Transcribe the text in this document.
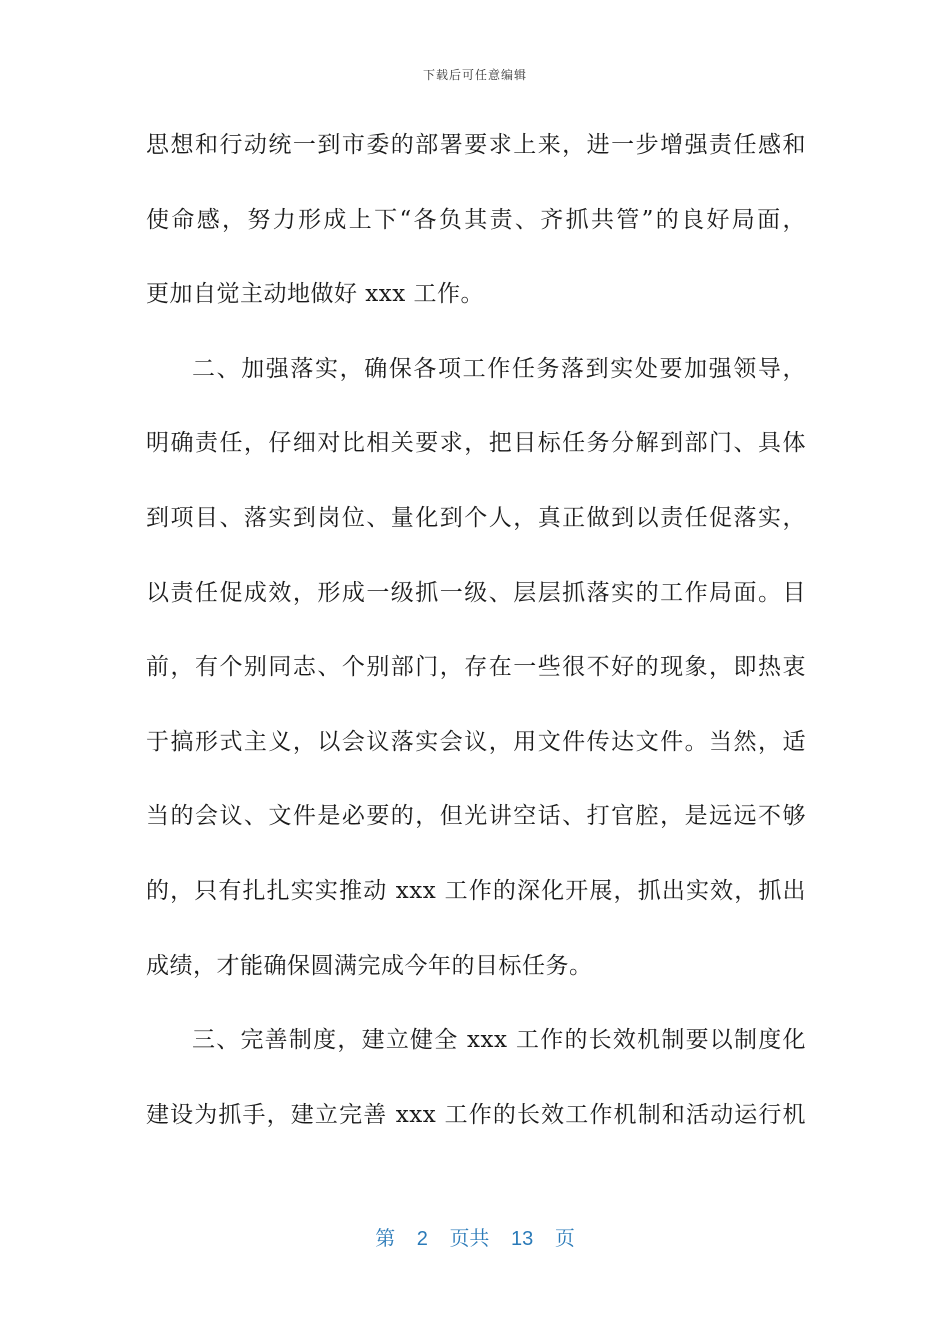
下载后可任意编辑
思想和行动统一到市委的部署要求上来，进一步增强责任感和
使命感，努力形成上下“各负其责、齐抓共管”的良好局面，
更加自觉主动地做好 xxx 工作。
二、加强落实，确保各项工作任务落到实处要加强领导，
明确责任，仔细对比相关要求，把目标任务分解到部门、具体
到项目、落实到岗位、量化到个人，真正做到以责任促落实，
以责任促成效，形成一级抓一级、层层抓落实的工作局面。目
前，有个别同志、个别部门，存在一些很不好的现象，即热衷
于搞形式主义，以会议落实会议，用文件传达文件。当然，适
当的会议、文件是必要的，但光讲空话、打官腔，是远远不够
的，只有扎扎实实推动 xxx 工作的深化开展，抓出实效，抓出
成绩，才能确保圆满完成今年的目标任务。
三、完善制度，建立健全 xxx 工作的长效机制要以制度化
建设为抓手，建立完善 xxx 工作的长效工作机制和活动运行机
第 2 页共 13 页
